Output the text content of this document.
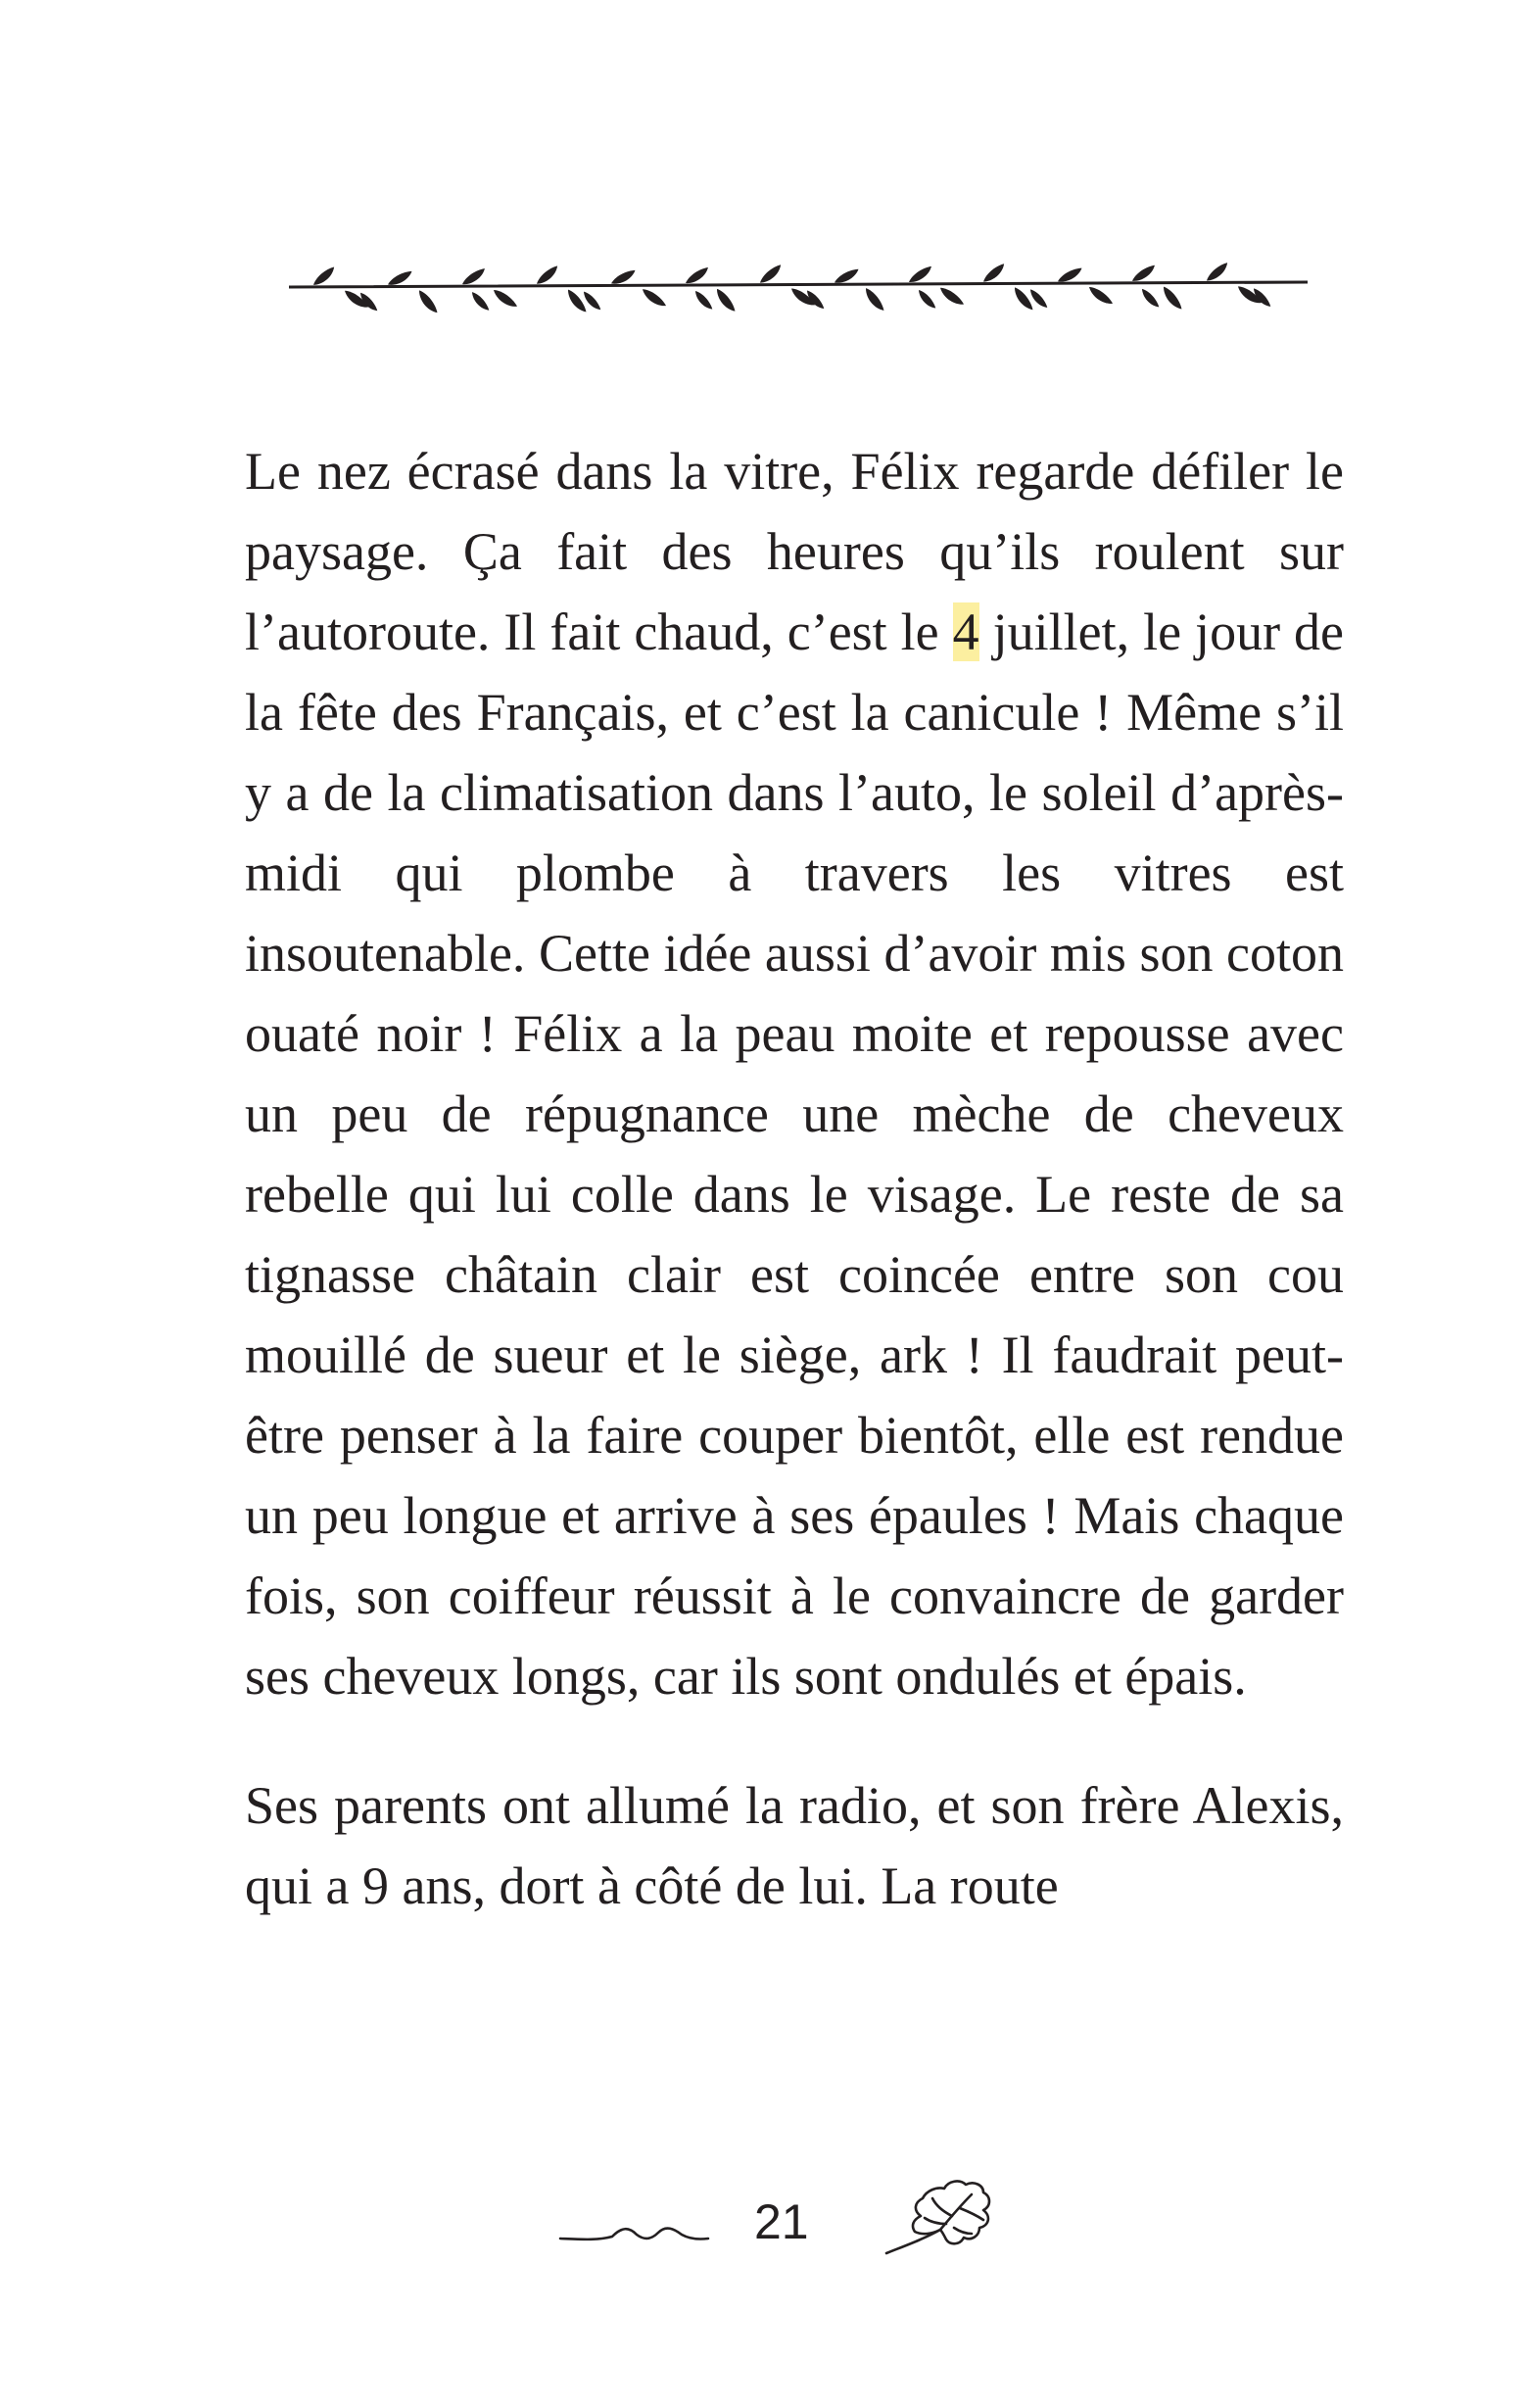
Le nez écrasé dans la vitre, Félix regarde défiler le paysage. Ça fait des heures qu’ils roulent sur l’autoroute. Il fait chaud, c’est le 4 juillet, le jour de la fête des Français, et c’est la canicule ! Même s’il y a de la climatisation dans l’auto, le soleil d’après-midi qui plombe à travers les vitres est insoutenable. Cette idée aussi d’avoir mis son coton ouaté noir ! Félix a la peau moite et repousse avec un peu de répugnance une mèche de cheveux rebelle qui lui colle dans le visage. Le reste de sa tignasse châtain clair est coincée entre son cou mouillé de sueur et le siège, ark ! Il faudrait peut-être penser à la faire couper bientôt, elle est rendue un peu longue et arrive à ses épaules ! Mais chaque fois, son coiffeur réussit à le convaincre de garder ses cheveux longs, car ils sont ondulés et épais.

Ses parents ont allumé la radio, et son frère Alexis, qui a 9 ans, dort à côté de lui. La route

21
